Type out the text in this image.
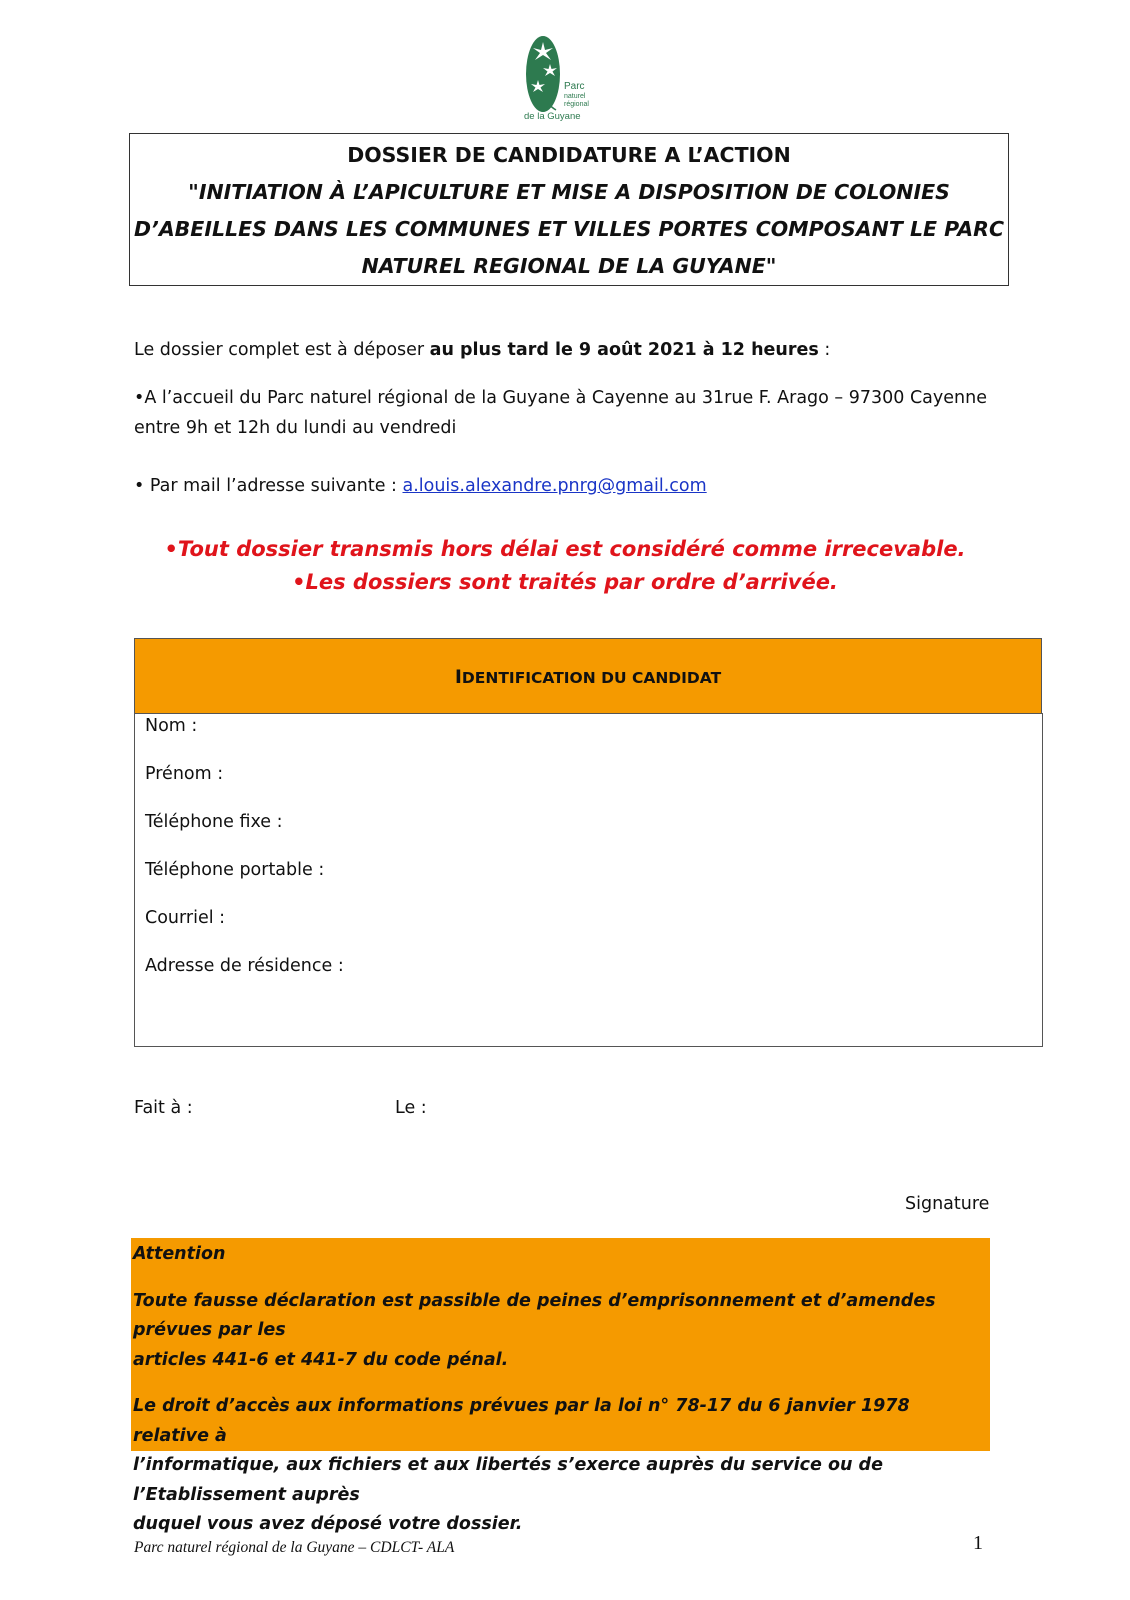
Parc
naturel
régional
de la Guyane
DOSSIER DE CANDIDATURE A L’ACTION
"INITIATION À L’APICULTURE ET MISE A DISPOSITION DE COLONIES
D’ABEILLES DANS LES COMMUNES ET VILLES PORTES COMPOSANT LE PARC
NATUREL REGIONAL DE LA GUYANE"
Le dossier complet est à déposer au plus tard le 9 août 2021 à 12 heures :
•A l’accueil du Parc naturel régional de la Guyane à Cayenne au 31rue F. Arago – 97300 Cayenne
entre 9h et 12h du lundi au vendredi
• Par mail l’adresse suivante : a.louis.alexandre.pnrg@gmail.com
•Tout dossier transmis hors délai est considéré comme irrecevable.
•Les dossiers sont traités par ordre d’arrivée.
IDENTIFICATION DU CANDIDAT
Nom :
Prénom :
Téléphone fixe :
Téléphone portable :
Courriel :
Adresse de résidence :
Fait à :	Le :
Signature

Attention

Toute fausse déclaration est passible de peines d’emprisonnement et d’amendes prévues par les

articles 441-6 et 441-7 du code pénal.

Le droit d’accès aux informations prévues par la loi n° 78-17 du 6 janvier 1978 relative à

l’informatique, aux fichiers et aux libertés s’exerce auprès du service ou de l’Etablissement auprès

duquel vous avez déposé votre dossier.

Parc naturel régional de la Guyane – CDLCT- ALA	1
